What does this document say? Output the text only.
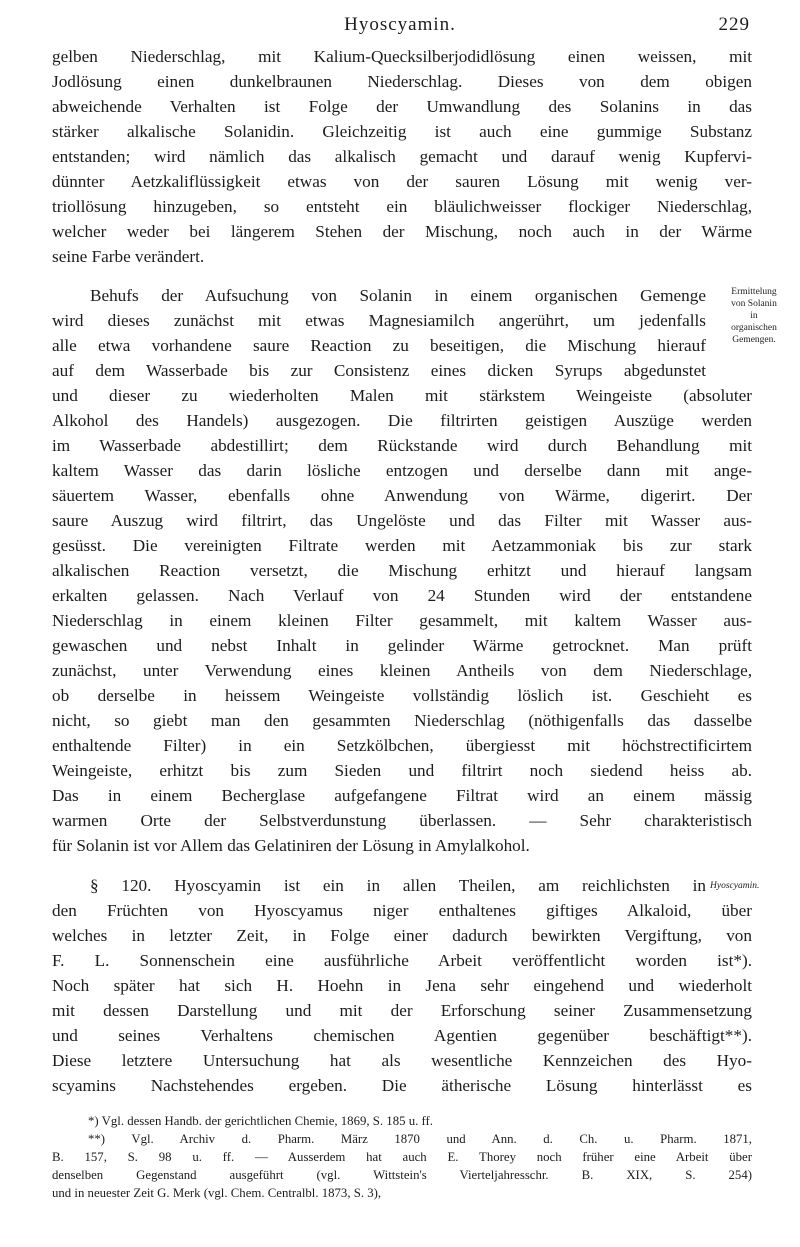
Hyoscyamin.	229
gelben Niederschlag, mit Kalium-Quecksilberjodidlösung einen weissen, mit
Jodlösung einen dunkelbraunen Niederschlag. Dieses von dem obigen
abweichende Verhalten ist Folge der Umwandlung des Solanins in das
stärker alkalische Solanidin. Gleichzeitig ist auch eine gummige Substanz
entstanden; wird nämlich das alkalisch gemacht und darauf wenig Kupfervi-
dünnter Aetzkaliflüssigkeit etwas von der sauren Lösung mit wenig ver-
triollösung hinzugeben, so entsteht ein bläulichweisser flockiger Niederschlag,
welcher weder bei längerem Stehen der Mischung, noch auch in der Wärme
seine Farbe verändert.
Ermittelung
von Solanin
in
organischen
Gemengen.
Behufs der Aufsuchung von Solanin in einem organischen Gemenge
wird dieses zunächst mit etwas Magnesiamilch angerührt, um jedenfalls
alle etwa vorhandene saure Reaction zu beseitigen, die Mischung hierauf
auf dem Wasserbade bis zur Consistenz eines dicken Syrups abgedunstet
und dieser zu wiederholten Malen mit stärkstem Weingeiste (absoluter
Alkohol des Handels) ausgezogen. Die filtrirten geistigen Auszüge werden
im Wasserbade abdestillirt; dem Rückstande wird durch Behandlung mit
kaltem Wasser das darin lösliche entzogen und derselbe dann mit ange-
säuertem Wasser, ebenfalls ohne Anwendung von Wärme, digerirt. Der
saure Auszug wird filtrirt, das Ungelöste und das Filter mit Wasser aus-
gesüsst. Die vereinigten Filtrate werden mit Aetzammoniak bis zur stark
alkalischen Reaction versetzt, die Mischung erhitzt und hierauf langsam
erkalten gelassen. Nach Verlauf von 24 Stunden wird der entstandene
Niederschlag in einem kleinen Filter gesammelt, mit kaltem Wasser aus-
gewaschen und nebst Inhalt in gelinder Wärme getrocknet. Man prüft
zunächst, unter Verwendung eines kleinen Antheils von dem Niederschlage,
ob derselbe in heissem Weingeiste vollständig löslich ist. Geschieht es
nicht, so giebt man den gesammten Niederschlag (nöthigenfalls das dasselbe
enthaltende Filter) in ein Setzkölbchen, übergiesst mit höchstrectificirtem
Weingeiste, erhitzt bis zum Sieden und filtrirt noch siedend heiss ab.
Das in einem Becherglase aufgefangene Filtrat wird an einem mässig
warmen Orte der Selbstverdunstung überlassen. — Sehr charakteristisch
für Solanin ist vor Allem das Gelatiniren der Lösung in Amylalkohol.
Hyoscyamin.
§ 120. Hyoscyamin ist ein in allen Theilen, am reichlichsten in
den Früchten von Hyoscyamus niger enthaltenes giftiges Alkaloid, über
welches in letzter Zeit, in Folge einer dadurch bewirkten Vergiftung, von
F. L. Sonnenschein eine ausführliche Arbeit veröffentlicht worden ist*).
Noch später hat sich H. Hoehn in Jena sehr eingehend und wiederholt
mit dessen Darstellung und mit der Erforschung seiner Zusammensetzung
und seines Verhaltens chemischen Agentien gegenüber beschäftigt**).
Diese letztere Untersuchung hat als wesentliche Kennzeichen des Hyo-
scyamins Nachstehendes ergeben. Die ätherische Lösung hinterlässt es
*) Vgl. dessen Handb. der gerichtlichen Chemie, 1869, S. 185 u. ff.
**) Vgl. Archiv d. Pharm. März 1870 und Ann. d. Ch. u. Pharm. 1871,
B. 157, S. 98 u. ff. — Ausserdem hat auch E. Thorey noch früher eine Arbeit über
denselben Gegenstand ausgeführt (vgl. Wittstein's Vierteljahresschr. B. XIX, S. 254)
und in neuester Zeit G. Merk (vgl. Chem. Centralbl. 1873, S. 3),
